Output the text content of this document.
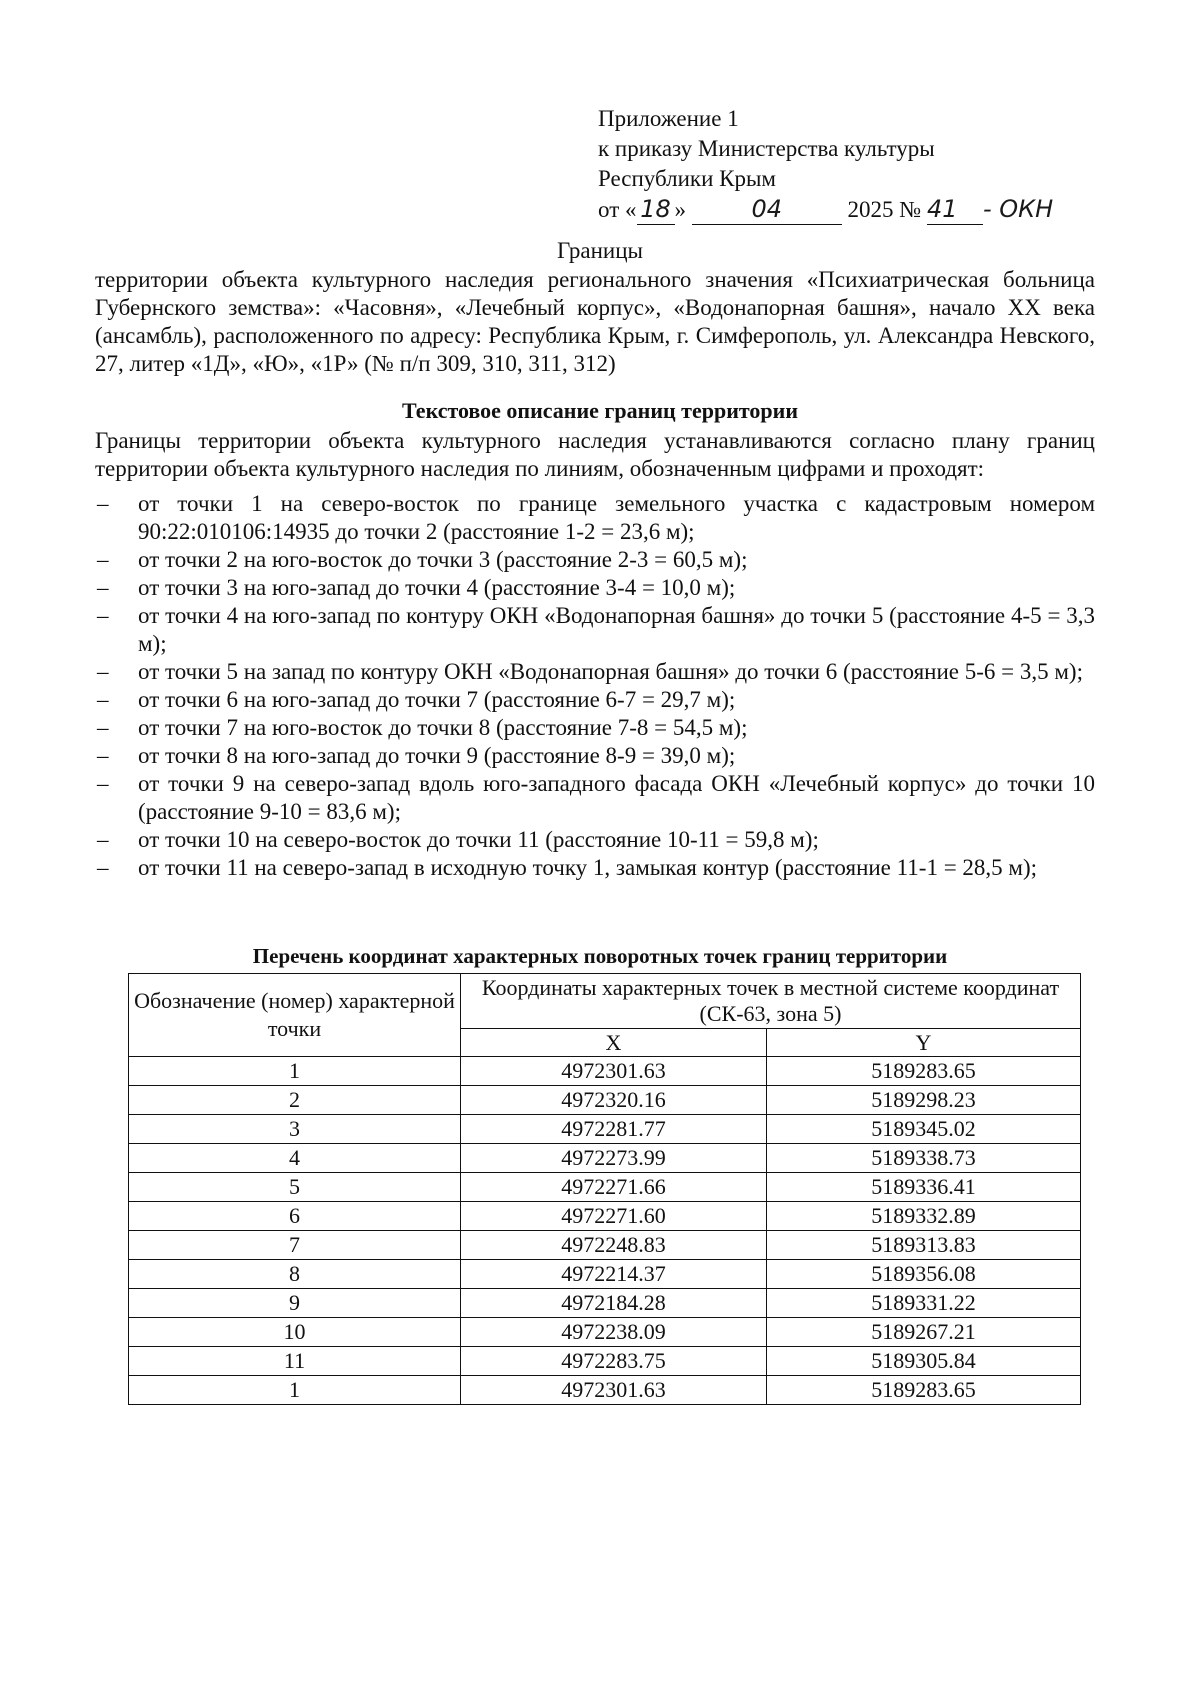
Приложение 1
к приказу Министерства культуры
Республики Крым
от « 18 »	04	2025 № 41 - ОКН
Границы
территории объекта культурного наследия регионального значения «Психиатрическая больница Губернского земства»: «Часовня», «Лечебный корпус», «Водонапорная башня», начало XX века (ансамбль), расположенного по адресу: Республика Крым, г. Симферополь, ул. Александра Невского, 27, литер «1Д», «Ю», «1Р» (№ п/п 309, 310, 311, 312)
Текстовое описание границ территории
Границы территории объекта культурного наследия устанавливаются согласно плану границ территории объекта культурного наследия по линиям, обозначенным цифрами и проходят:
– от точки 1 на северо-восток по границе земельного участка с кадастровым номером 90:22:010106:14935 до точки 2 (расстояние 1-2 = 23,6 м);
– от точки 2 на юго-восток до точки 3 (расстояние 2-3 = 60,5 м);
– от точки 3 на юго-запад до точки 4 (расстояние 3-4 = 10,0 м);
– от точки 4 на юго-запад по контуру ОКН «Водонапорная башня» до точки 5 (расстояние 4-5 = 3,3 м);
– от точки 5 на запад по контуру ОКН «Водонапорная башня» до точки 6 (расстояние 5-6 = 3,5 м);
– от точки 6 на юго-запад до точки 7 (расстояние 6-7 = 29,7 м);
– от точки 7 на юго-восток до точки 8 (расстояние 7-8 = 54,5 м);
– от точки 8 на юго-запад до точки 9 (расстояние 8-9 = 39,0 м);
– от точки 9 на северо-запад вдоль юго-западного фасада ОКН «Лечебный корпус» до точки 10 (расстояние 9-10 = 83,6 м);
– от точки 10 на северо-восток до точки 11 (расстояние 10-11 = 59,8 м);
– от точки 11 на северо-запад в исходную точку 1, замыкая контур (расстояние 11-1 = 28,5 м);
Перечень координат характерных поворотных точек границ территории
Обозначение (номер) характерной точки	Координаты характерных точек в местной системе координат (СК-63, зона 5)	
	X	Y
1	4972301.63	5189283.65
2	4972320.16	5189298.23
3	4972281.77	5189345.02
4	4972273.99	5189338.73
5	4972271.66	5189336.41
6	4972271.60	5189332.89
7	4972248.83	5189313.83
8	4972214.37	5189356.08
9	4972184.28	5189331.22
10	4972238.09	5189267.21
11	4972283.75	5189305.84
1	4972301.63	5189283.65
